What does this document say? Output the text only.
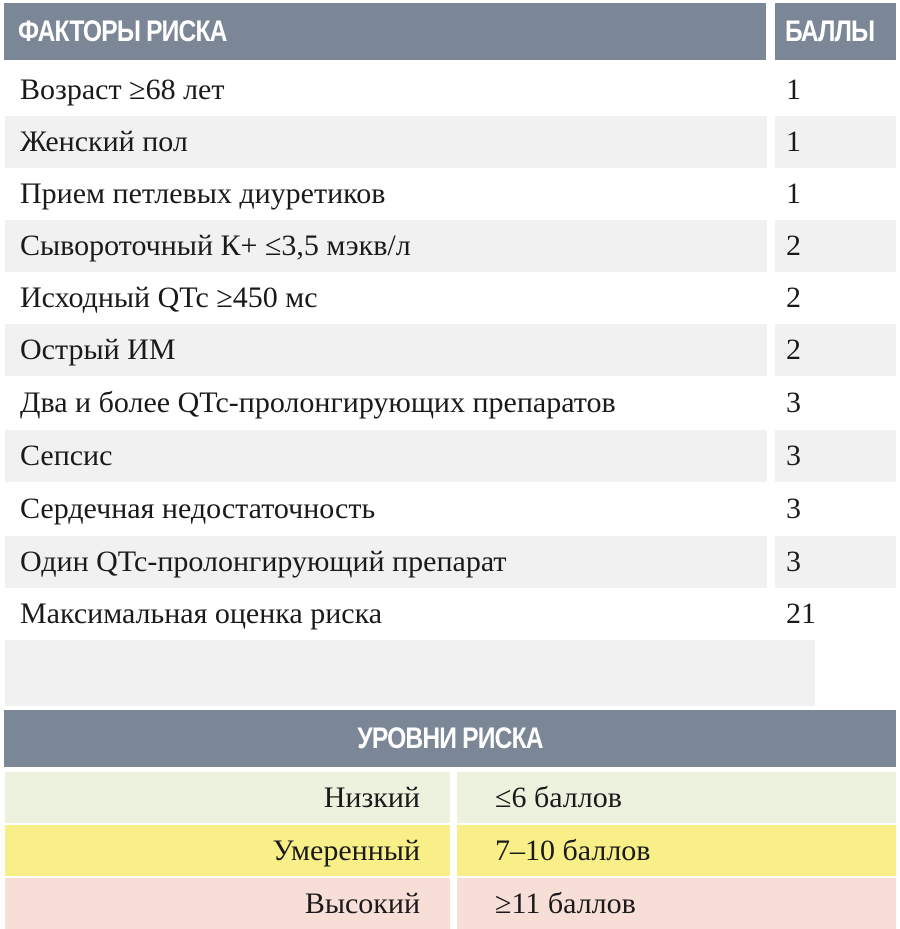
ФАКТОРЫ РИСКА	БАЛЛЫ
Возраст ≥68 лет	1
Женский пол	1
Прием петлевых диуретиков	1
Сывороточный К+ ≤3,5 мэкв/л	2
Исходный QTc ≥450 мс	2
Острый ИМ	2
Два и более QTc-пролонгирующих препаратов	3
Сепсис	3
Сердечная недостаточность	3
Один QTc-пролонгирующий препарат	3
Максимальная оценка риска	21
УРОВНИ РИСКА
Низкий	≤6 баллов
Умеренный	7–10 баллов
Высокий	≥11 баллов
